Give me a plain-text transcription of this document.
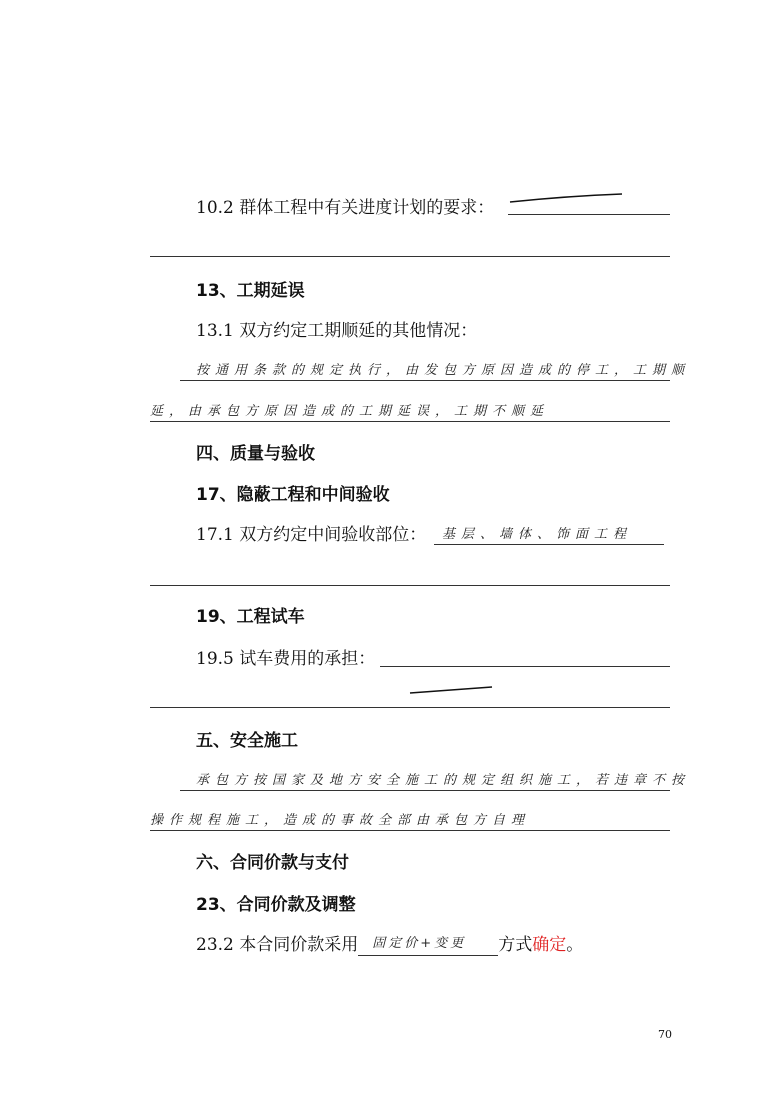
10.2 群体工程中有关进度计划的要求：
13、工期延误
13.1 双方约定工期顺延的其他情况：
按通用条款的规定执行，由发包方原因造成的停工，工期顺
延，由承包方原因造成的工期延误，工期不顺延
四、质量与验收
17、隐蔽工程和中间验收
17.1 双方约定中间验收部位： 基层、墙体、饰面工程
19、工程试车
19.5 试车费用的承担：
五、安全施工
承包方按国家及地方安全施工的规定组织施工，若违章不按
操作规程施工，造成的事故全部由承包方自理
六、合同价款与支付
23、合同价款及调整
23.2 本合同价款采用 固定价+变更 方式确定。
70
